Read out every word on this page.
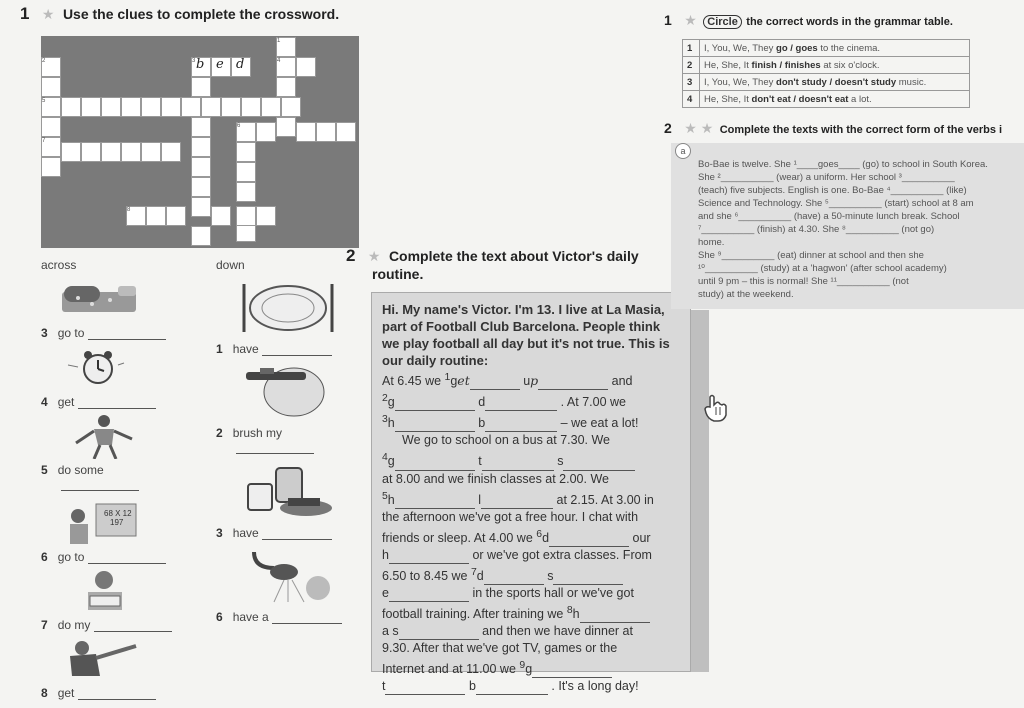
1 ★ Use the clues to complete the crossword.
2
5
7
3 b e d
1
4
6
8
across	down
3 go to
4 get
5 do some

68 X 12
197
6 go to
7 do my
8 get
1 have
2 brush my

3 have
6 have a
2 ★ Complete the text about Victor's daily
routine.
Hi. My name's Victor. I'm 13. I live at La Masia, part of Football Club Barcelona. People think we play football all day but it's not true. This is our daily routine:
At 6.45 we $^1$get	up	and
$^2$g	d	. At 7.00 we
$^3$h	b	– we eat a lot!
We go to school on a bus at 7.30. We
$^4$g	t	s
at 8.00 and we finish classes at 2.00. We
$^5$h	l	at 2.15. At 3.00 in
the afternoon we've got a free hour. I chat with
friends or sleep. At 4.00 we $^6$d	our
h	or we've got extra classes. From
6.50 to 8.45 we $^7$d	s
e	in the sports hall or we've got
football training. After training we $^8$h
a s	and then we have dinner at
9.30. After that we've got TV, games or the
Internet and at 11.00 we $^9$g
t	b	. It's a long day!
1 ★ Circle the correct words in the grammar table.
1	I, You, We, They go / goes to the cinema.
2	He, She, It finish / finishes at six o'clock.
3	I, You, We, They don't study / doesn't study music.
4	He, She, It don't eat / doesn't eat a lot.
2 ★ ★ Complete the texts with the correct form of the verbs i
a
Bo-Bae is twelve. She ¹____goes____ (go) to school in South Korea.
She ²__________ (wear) a uniform. Her school ³__________
(teach) five subjects. English is one. Bo-Bae ⁴__________ (like)
Science and Technology. She ⁵__________ (start) school at 8 am
and she ⁶__________ (have) a 50-minute lunch break. School
⁷__________ (finish) at 4.30. She ⁸__________ (not go)
home.
She ⁹__________ (eat) dinner at school and then she
¹⁰__________ (study) at a 'hagwon' (after school academy)
until 9 pm – this is normal! She ¹¹__________ (not
study) at the weekend.
